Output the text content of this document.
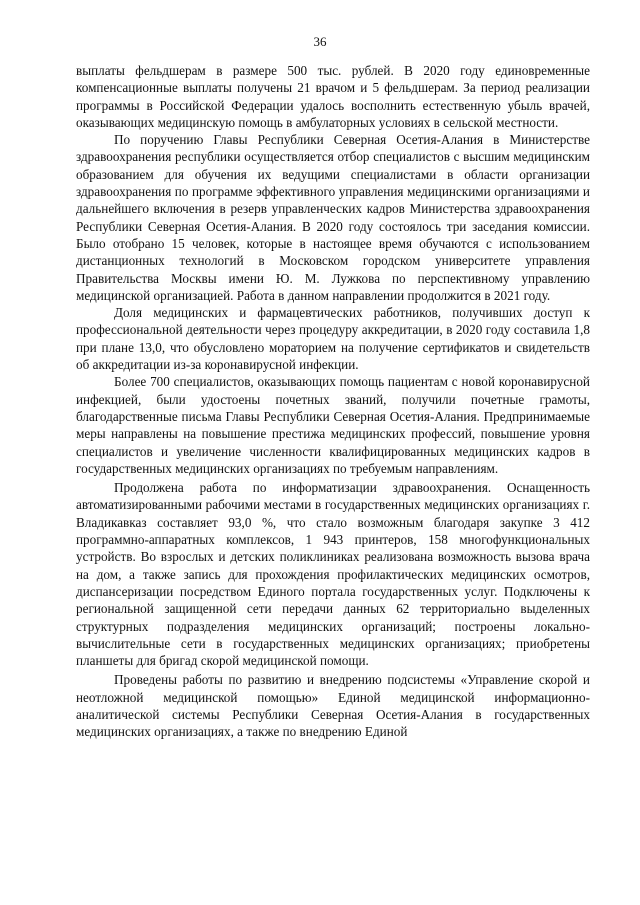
36

выплаты фельдшерам в размере 500 тыс. рублей. В 2020 году единовременные компенсационные выплаты получены 21 врачом и 5 фельдшерам. За период реализации программы в Российской Федерации удалось восполнить естественную убыль врачей, оказывающих медицинскую помощь в амбулаторных условиях в сельской местности.

По поручению Главы Республики Северная Осетия-Алания в Министерстве здравоохранения республики осуществляется отбор специалистов с высшим медицинским образованием для обучения их ведущими специалистами в области организации здравоохранения по программе эффективного управления медицинскими организациями и дальнейшего включения в резерв управленческих кадров Министерства здравоохранения Республики Северная Осетия-Алания. В 2020 году состоялось три заседания комиссии. Было отобрано 15 человек, которые в настоящее время обучаются с использованием дистанционных технологий в Московском городском университете управления Правительства Москвы имени Ю. М. Лужкова по перспективному управлению медицинской организацией. Работа в данном направлении продолжится в 2021 году.

Доля медицинских и фармацевтических работников, получивших доступ к профессиональной деятельности через процедуру аккредитации, в 2020 году составила 1,8 при плане 13,0, что обусловлено мораторием на получение сертификатов и свидетельств об аккредитации из-за коронавирусной инфекции.

Более 700 специалистов, оказывающих помощь пациентам с новой коронавирусной инфекцией, были удостоены почетных званий, получили почетные грамоты, благодарственные письма Главы Республики Северная Осетия-Алания. Предпринимаемые меры направлены на повышение престижа медицинских профессий, повышение уровня специалистов и увеличение численности квалифицированных медицинских кадров в государственных медицинских организациях по требуемым направлениям.

Продолжена работа по информатизации здравоохранения. Оснащенность автоматизированными рабочими местами в государственных медицинских организациях г. Владикавказ составляет 93,0 %, что стало возможным благодаря закупке 3 412 программно-аппаратных комплексов, 1 943 принтеров, 158 многофункциональных устройств. Во взрослых и детских поликлиниках реализована возможность вызова врача на дом, а также запись для прохождения профилактических медицинских осмотров, диспансеризации посредством Единого портала государственных услуг. Подключены к региональной защищенной сети передачи данных 62 территориально выделенных структурных подразделения медицинских организаций; построены локально-вычислительные сети в государственных медицинских организациях; приобретены планшеты для бригад скорой медицинской помощи.

Проведены работы по развитию и внедрению подсистемы «Управление скорой и неотложной медицинской помощью» Единой медицинской информационно-аналитической системы Республики Северная Осетия-Алания в государственных медицинских организациях, а также по внедрению Единой
